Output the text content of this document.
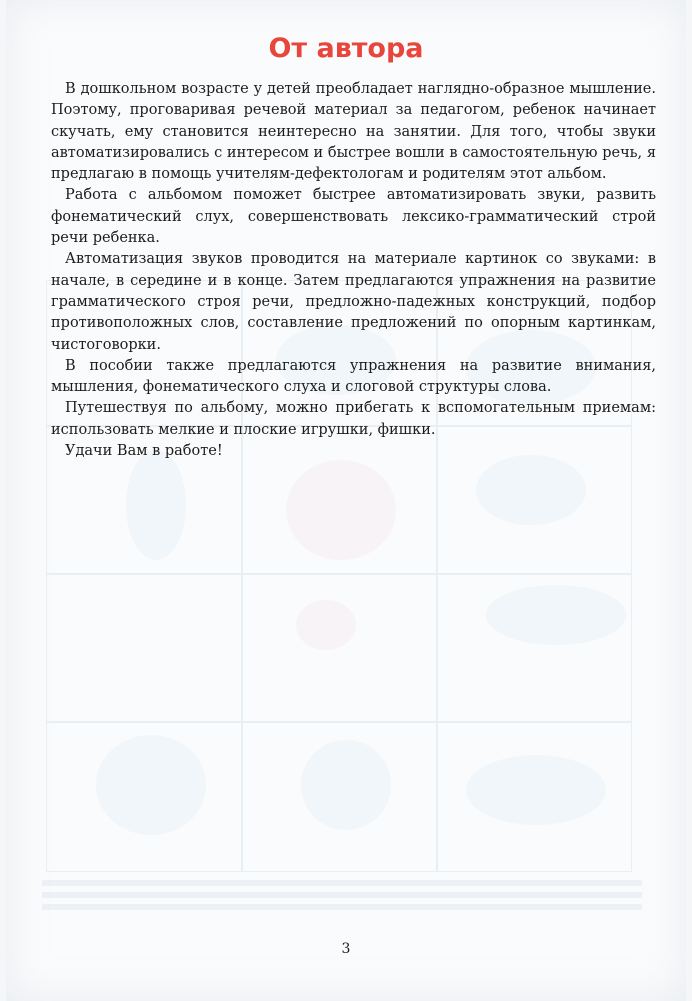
От автора

В дошкольном возрасте у детей преобладает наглядно-образное мышление. Поэтому, проговаривая речевой материал за педагогом, ребенок начинает скучать, ему становится неинтересно на занятии. Для того, чтобы звуки автоматизировались с интересом и быстрее вошли в самостоятельную речь, я предлагаю в помощь учителям-дефектологам и родителям этот альбом.

Работа с альбомом поможет быстрее автоматизировать звуки, развить фонематический слух, совершенствовать лексико-грамматический строй речи ребенка.

Автоматизация звуков проводится на материале картинок со звуками: в начале, в середине и в конце. Затем предлагаются упражнения на развитие грамматического строя речи, предложно-падежных конструкций, подбор противоположных слов, составление предложений по опорным картинкам, чистоговорки.

В пособии также предлагаются упражнения на развитие внимания, мышления, фонематического слуха и слоговой структуры слова.

Путешествуя по альбому, можно прибегать к вспомогательным приемам: использовать мелкие и плоские игрушки, фишки.

Удачи Вам в работе!

3
